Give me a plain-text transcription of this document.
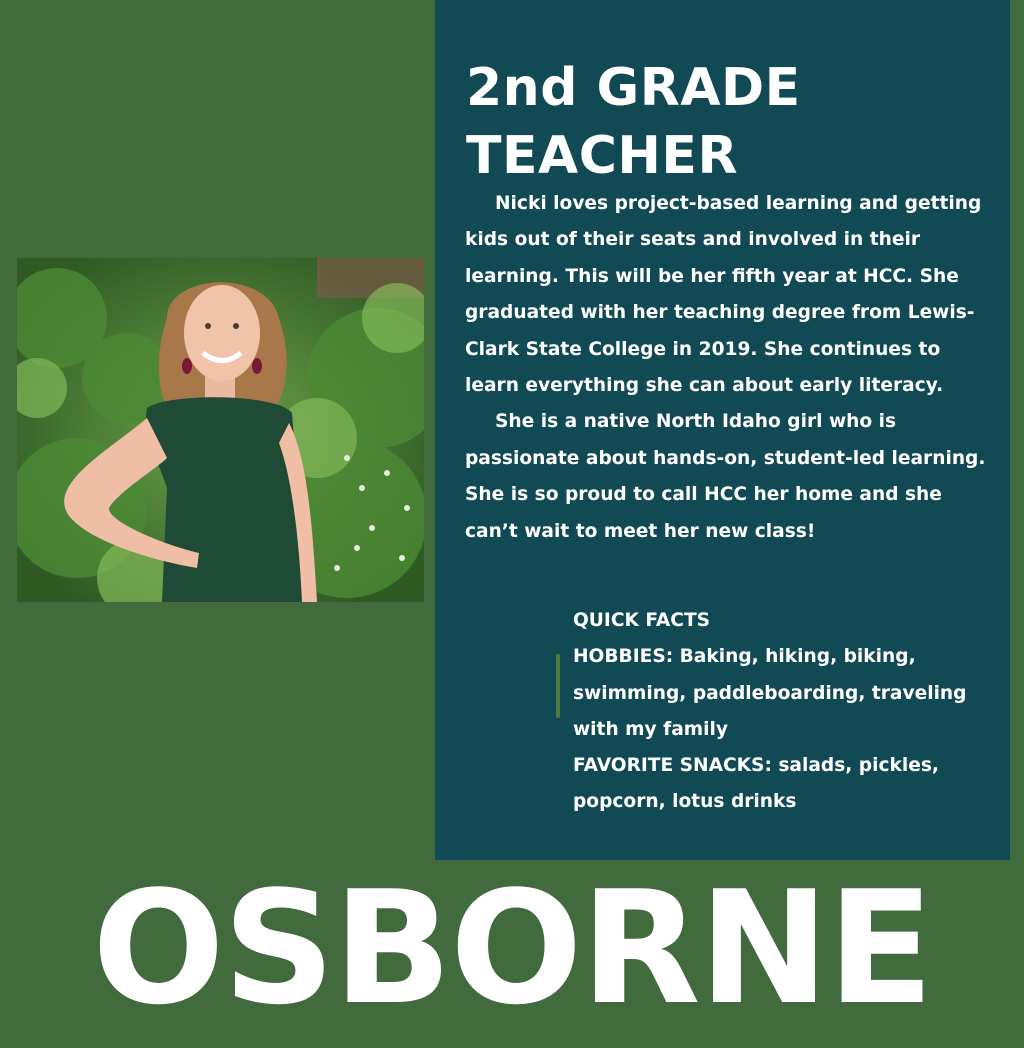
2nd GRADE
TEACHER

Nicki loves project-based learning and getting kids out of their seats and involved in their learning. This will be her fifth year at HCC. She graduated with her teaching degree from Lewis-Clark State College in 2019. She continues to learn everything she can about early literacy.

She is a native North Idaho girl who is passionate about hands-on, student-led learning. She is so proud to call HCC her home and she can’t wait to meet her new class!

QUICK FACTS
HOBBIES: Baking, hiking, biking, swimming, paddleboarding, traveling with my family
FAVORITE SNACKS: salads, pickles, popcorn, lotus drinks
OSBORNE
